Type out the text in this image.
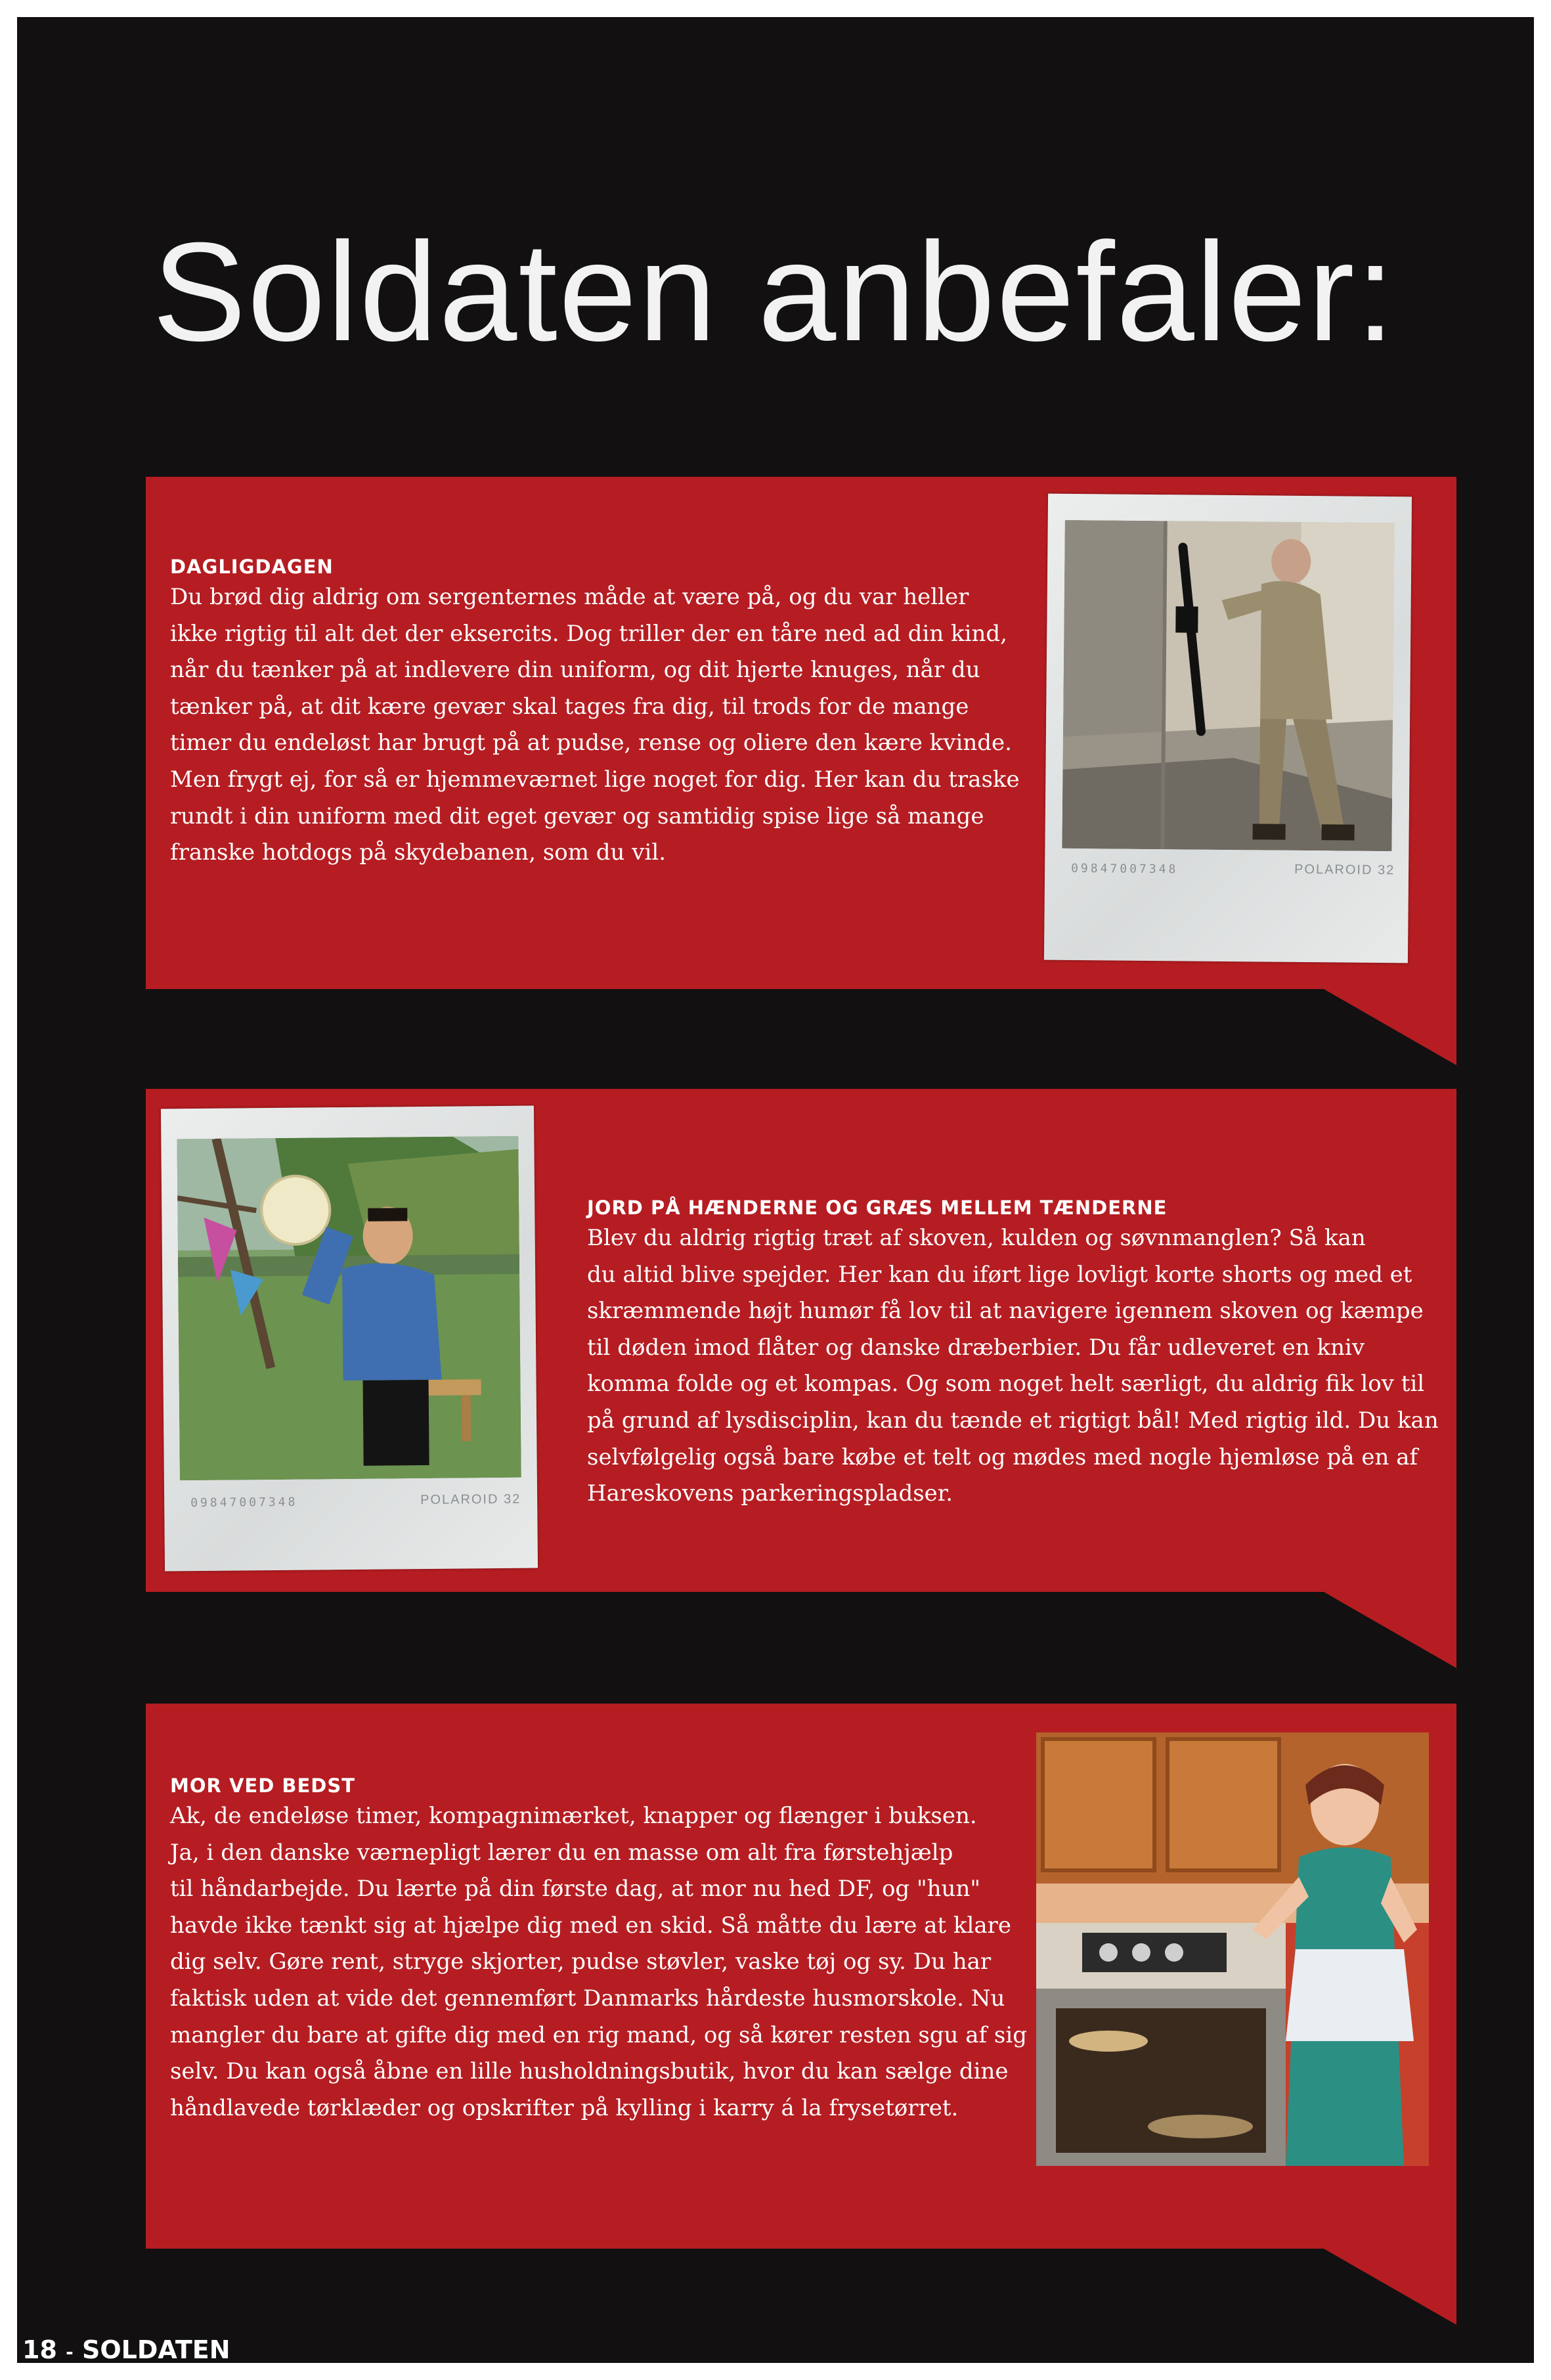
Soldaten anbefaler:
DAGLIGDAGEN
Du brød dig aldrig om sergenternes måde at være på, og du var heller
ikke rigtig til alt det der eksercits. Dog triller der en tåre ned ad din kind,
når du tænker på at indlevere din uniform, og dit hjerte knuges, når du
tænker på, at dit kære gevær skal tages fra dig, til trods for de mange
timer du endeløst har brugt på at pudse, rense og oliere den kære kvinde.
Men frygt ej, for så er hjemmeværnet lige noget for dig. Her kan du traske
rundt i din uniform med dit eget gevær og samtidig spise lige så mange
franske hotdogs på skydebanen, som du vil.
09847007348	POLAROID 32
09847007348	POLAROID 32
JORD PÅ HÆNDERNE OG GRÆS MELLEM TÆNDERNE
Blev du aldrig rigtig træt af skoven, kulden og søvnmanglen? Så kan
du altid blive spejder. Her kan du iført lige lovligt korte shorts og med et
skræmmende højt humør få lov til at navigere igennem skoven og kæmpe
til døden imod flåter og danske dræberbier. Du får udleveret en kniv
komma folde og et kompas. Og som noget helt særligt, du aldrig fik lov til
på grund af lysdisciplin, kan du tænde et rigtigt bål! Med rigtig ild. Du kan
selvfølgelig også bare købe et telt og mødes med nogle hjemløse på en af
Hareskovens parkeringspladser.
MOR VED BEDST
Ak, de endeløse timer, kompagnimærket, knapper og flænger i buksen.
Ja, i den danske værnepligt lærer du en masse om alt fra førstehjælp
til håndarbejde. Du lærte på din første dag, at mor nu hed DF, og "hun"
havde ikke tænkt sig at hjælpe dig med en skid. Så måtte du lære at klare
dig selv. Gøre rent, stryge skjorter, pudse støvler, vaske tøj og sy. Du har
faktisk uden at vide det gennemført Danmarks hårdeste husmorskole. Nu
mangler du bare at gifte dig med en rig mand, og så kører resten sgu af sig
selv. Du kan også åbne en lille husholdningsbutik, hvor du kan sælge dine
håndlavede tørklæder og opskrifter på kylling i karry á la frysetørret.
18 - SOLDATEN
